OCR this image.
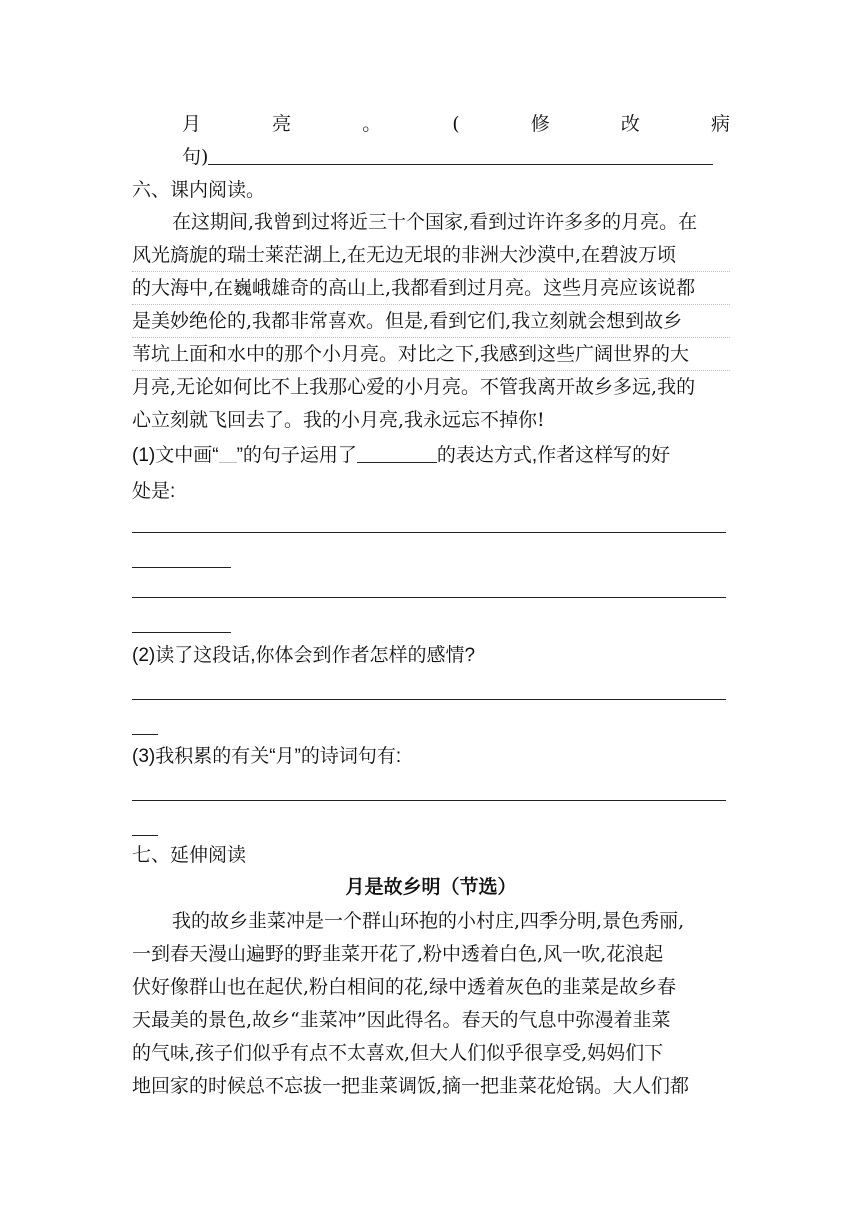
月	亮	。	(	修	改	病
句)
六、课内阅读。
在这期间,我曾到过将近三十个国家,看到过许许多多的月亮。在
风光旖旎的瑞士莱茫湖上,在无边无垠的非洲大沙漠中,在碧波万顷
的大海中,在巍峨雄奇的高山上,我都看到过月亮。这些月亮应该说都
是美妙绝伦的,我都非常喜欢。但是,看到它们,我立刻就会想到故乡
苇坑上面和水中的那个小月亮。对比之下,我感到这些广阔世界的大
月亮,无论如何比不上我那心爱的小月亮。不管我离开故乡多远,我的
心立刻就飞回去了。我的小月亮,我永远忘不掉你!
(1)文中画“ ”的句子运用了	的表达方式,作者这样写的好
处是:
(2)读了这段话,你体会到作者怎样的感情?
(3)我积累的有关“月”的诗词句有:
七、延伸阅读
月是故乡明（节选）
我的故乡韭菜冲是一个群山环抱的小村庄,四季分明,景色秀丽,
一到春天漫山遍野的野韭菜开花了,粉中透着白色,风一吹,花浪起
伏好像群山也在起伏,粉白相间的花,绿中透着灰色的韭菜是故乡春
天最美的景色,故乡“韭菜冲”因此得名。春天的气息中弥漫着韭菜
的气味,孩子们似乎有点不太喜欢,但大人们似乎很享受,妈妈们下
地回家的时候总不忘拔一把韭菜调饭,摘一把韭菜花炝锅。大人们都
